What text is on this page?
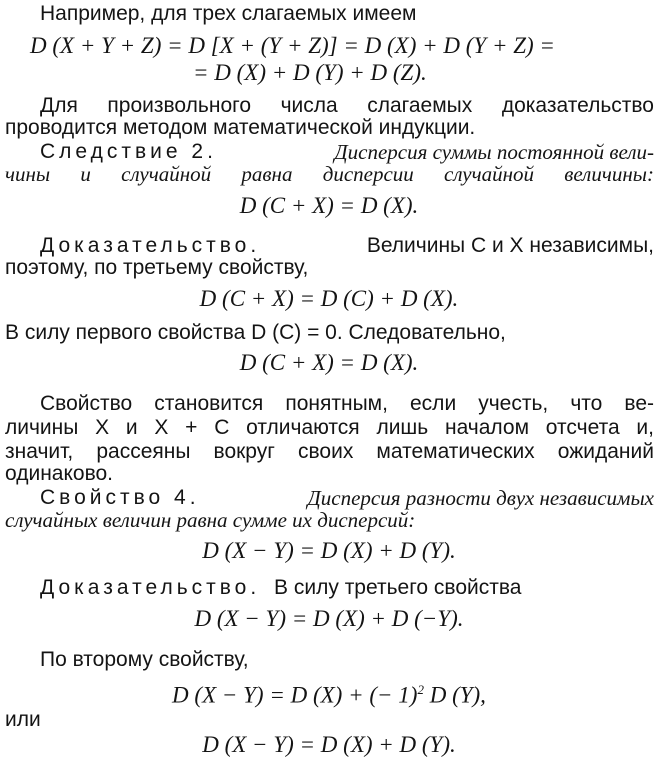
Например, для трех слагаемых имеем
D (X + Y + Z) = D [X + (Y + Z)] = D (X) + D (Y + Z) =
= D (X) + D (Y) + D (Z).
Для произвольного числа слагаемых доказательство
проводится методом математической индукции.
Следствие 2.	Дисперсия суммы постоянной вели-
чины и случайной равна дисперсии случайной величины:
D (C + X) = D (X).
Доказательство.	Величины C и X независимы,
поэтому, по третьему свойству,
D (C + X) = D (C) + D (X).
В силу первого свойства D (C) = 0. Следовательно,
D (C + X) = D (X).
Свойство становится понятным, если учесть, что ве-
личины X и X + C отличаются лишь началом отсчета и,
значит, рассеяны вокруг своих математических ожиданий
одинаково.
Свойство 4.	Дисперсия разности двух независимых
случайных величин равна сумме их дисперсий:
D (X − Y) = D (X) + D (Y).
Доказательство. В силу третьего свойства
D (X − Y) = D (X) + D (−Y).
По второму свойству,
D (X − Y) = D (X) + (− 1)$^2$ D (Y),
или
D (X − Y) = D (X) + D (Y).
